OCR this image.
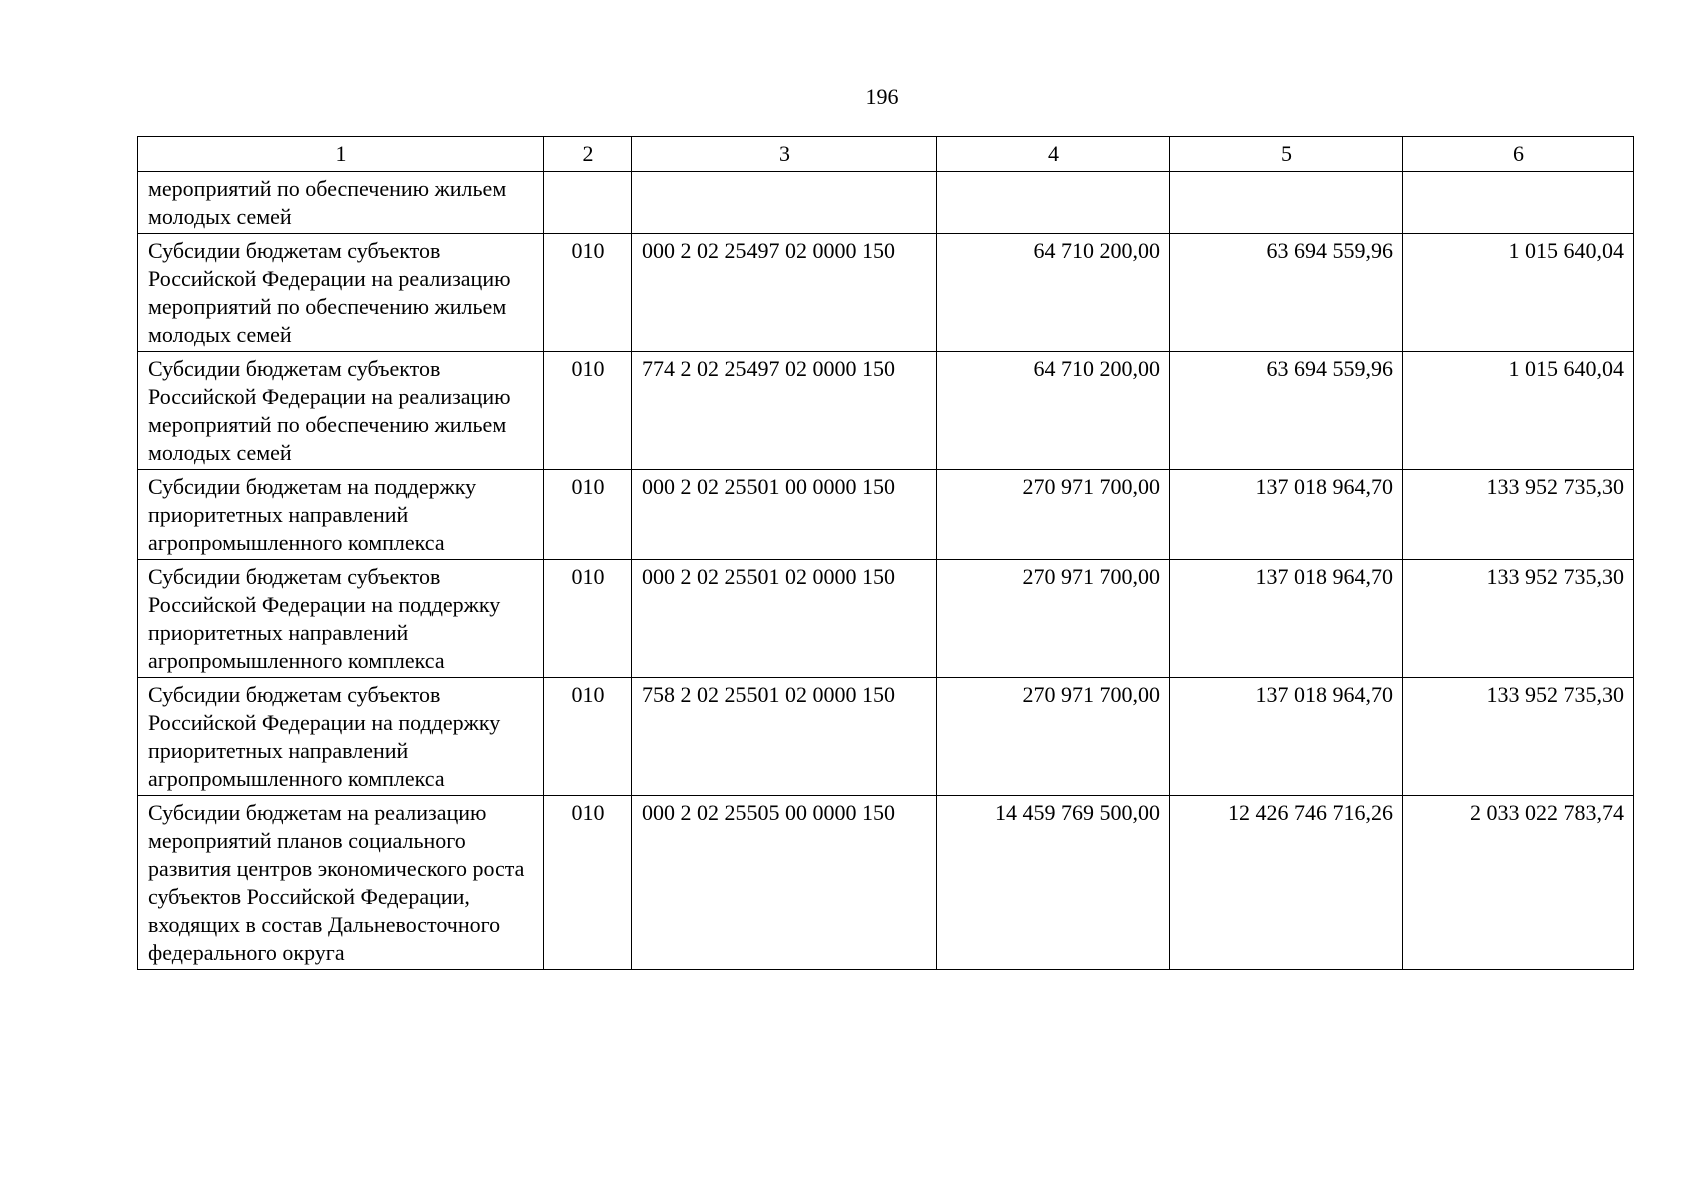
196
1	2	3	4	5	6
мероприятий по обеспечению жильем молодых семей					
Субсидии бюджетам субъектов Российской Федерации на реализацию мероприятий по обеспечению жильем молодых семей	010	000 2 02 25497 02 0000 150	64 710 200,00	63 694 559,96	1 015 640,04
Субсидии бюджетам субъектов Российской Федерации на реализацию мероприятий по обеспечению жильем молодых семей	010	774 2 02 25497 02 0000 150	64 710 200,00	63 694 559,96	1 015 640,04
Субсидии бюджетам на поддержку приоритетных направлений агропромышленного комплекса	010	000 2 02 25501 00 0000 150	270 971 700,00	137 018 964,70	133 952 735,30
Субсидии бюджетам субъектов Российской Федерации на поддержку приоритетных направлений агропромышленного комплекса	010	000 2 02 25501 02 0000 150	270 971 700,00	137 018 964,70	133 952 735,30
Субсидии бюджетам субъектов Российской Федерации на поддержку приоритетных направлений агропромышленного комплекса	010	758 2 02 25501 02 0000 150	270 971 700,00	137 018 964,70	133 952 735,30
Субсидии бюджетам на реализацию мероприятий планов социального развития центров экономического роста субъектов Российской Федерации, входящих в состав Дальневосточного федерального округа	010	000 2 02 25505 00 0000 150	14 459 769 500,00	12 426 746 716,26	2 033 022 783,74
